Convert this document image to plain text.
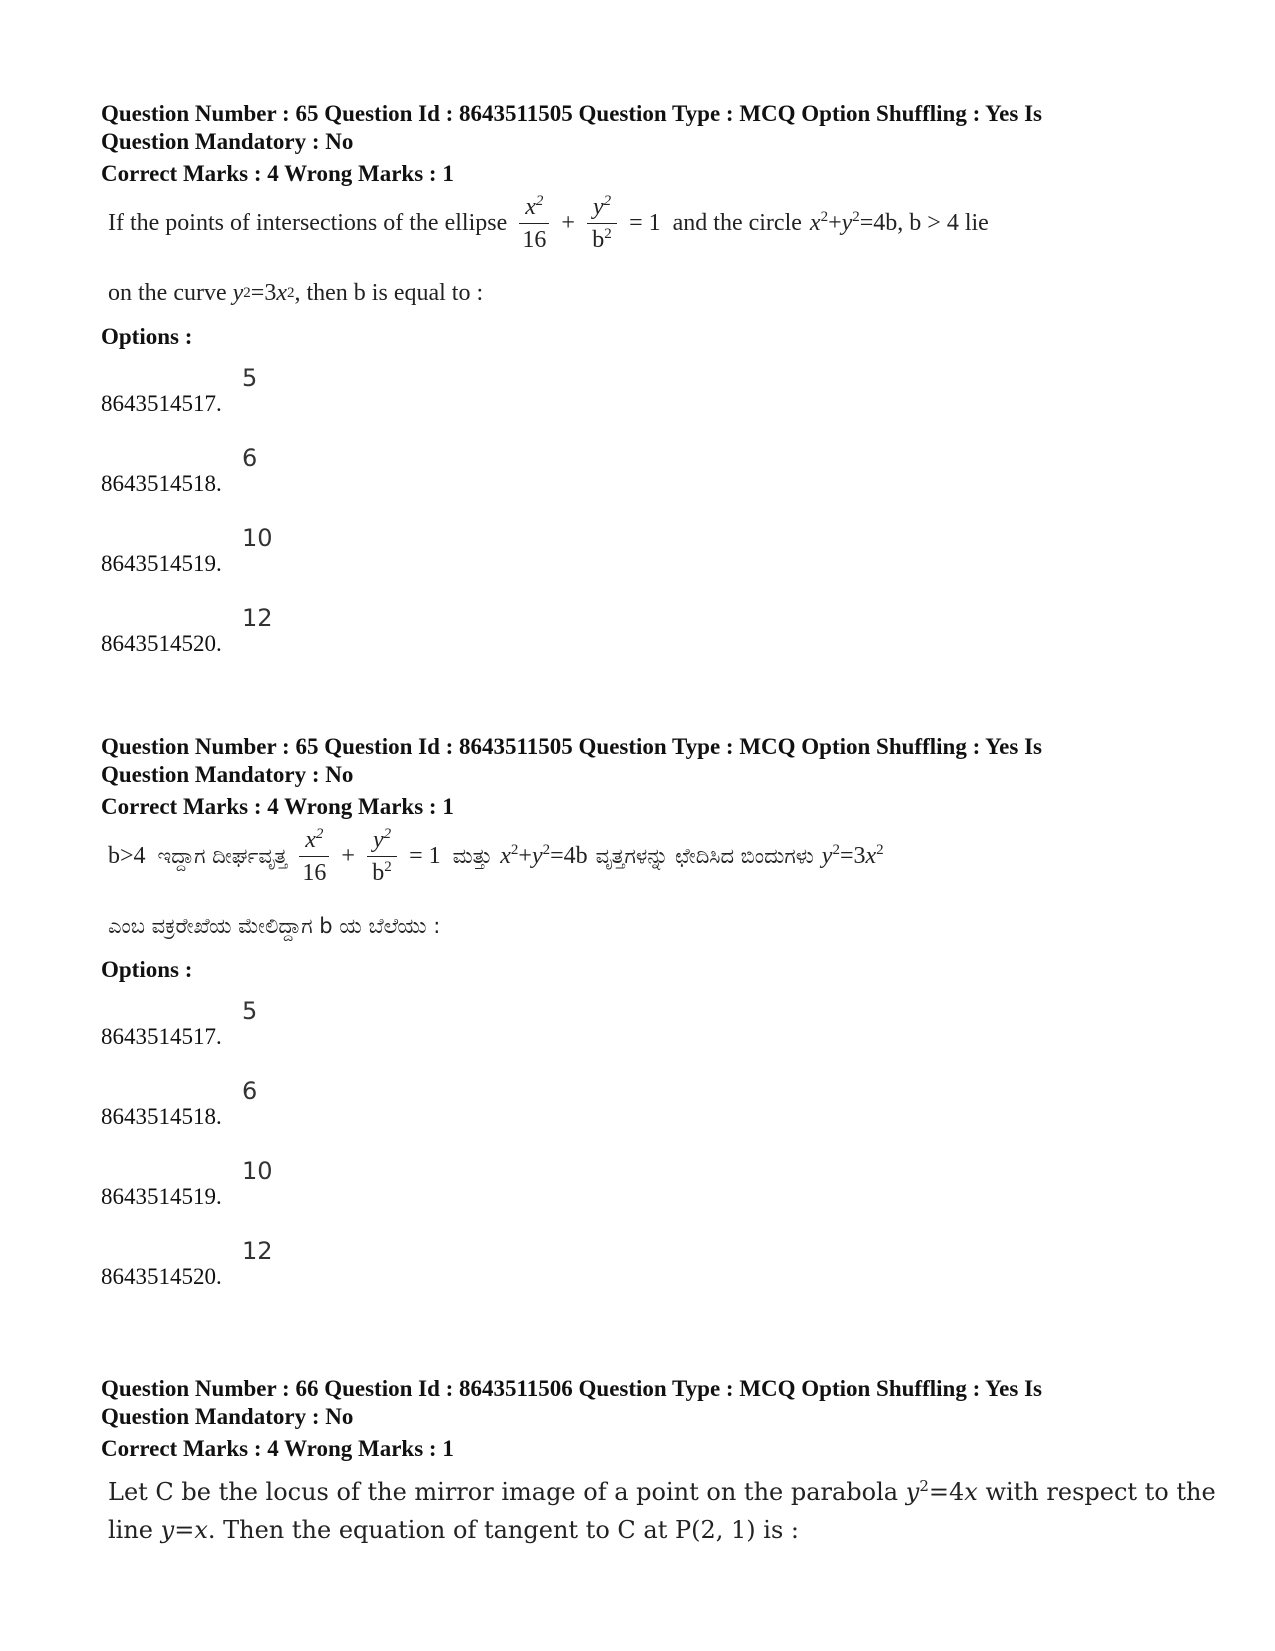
Question Number : 65 Question Id : 8643511505 Question Type : MCQ Option Shuffling : Yes Is

Question Mandatory : No

Correct Marks : 4 Wrong Marks : 1

If the points of intersections of the ellipse $\frac{x^2}{16} + \frac{y^2}{b^2} = 1$ and the circle $x^2+y^2=4b$, b > 4 lie
on the curve
y 2 =3 x 2 , then b is equal to :
Options :
8643514517.
5
8643514518.
6
8643514519.
10
8643514520.
12

Question Number : 65 Question Id : 8643511505 Question Type : MCQ Option Shuffling : Yes Is

Question Mandatory : No

Correct Marks : 4 Wrong Marks : 1

b>4 ಇದ್ದಾಗ ದೀರ್ಘವೃತ್ತ $\frac{x^2}{16} + \frac{y^2}{b^2} = 1$ ಮತ್ತು $x^2+y^2=4b$ ವೃತ್ತಗಳನ್ನು ಛೇದಿಸಿದ ಬಿಂದುಗಳು $y^2=3x^2$
ಎಂಬ ವಕ್ರರೇಖೆಯ ಮೇಲಿದ್ದಾಗ b ಯ ಬೆಲೆಯು :
Options :
8643514517.
5
8643514518.
6
8643514519.
10
8643514520.
12

Question Number : 66 Question Id : 8643511506 Question Type : MCQ Option Shuffling : Yes Is

Question Mandatory : No

Correct Marks : 4 Wrong Marks : 1

Let C be the locus of the mirror image of a point on the parabola $y^2=4x$ with respect to the
line y=x. Then the equation of tangent to C at P(2, 1) is :
